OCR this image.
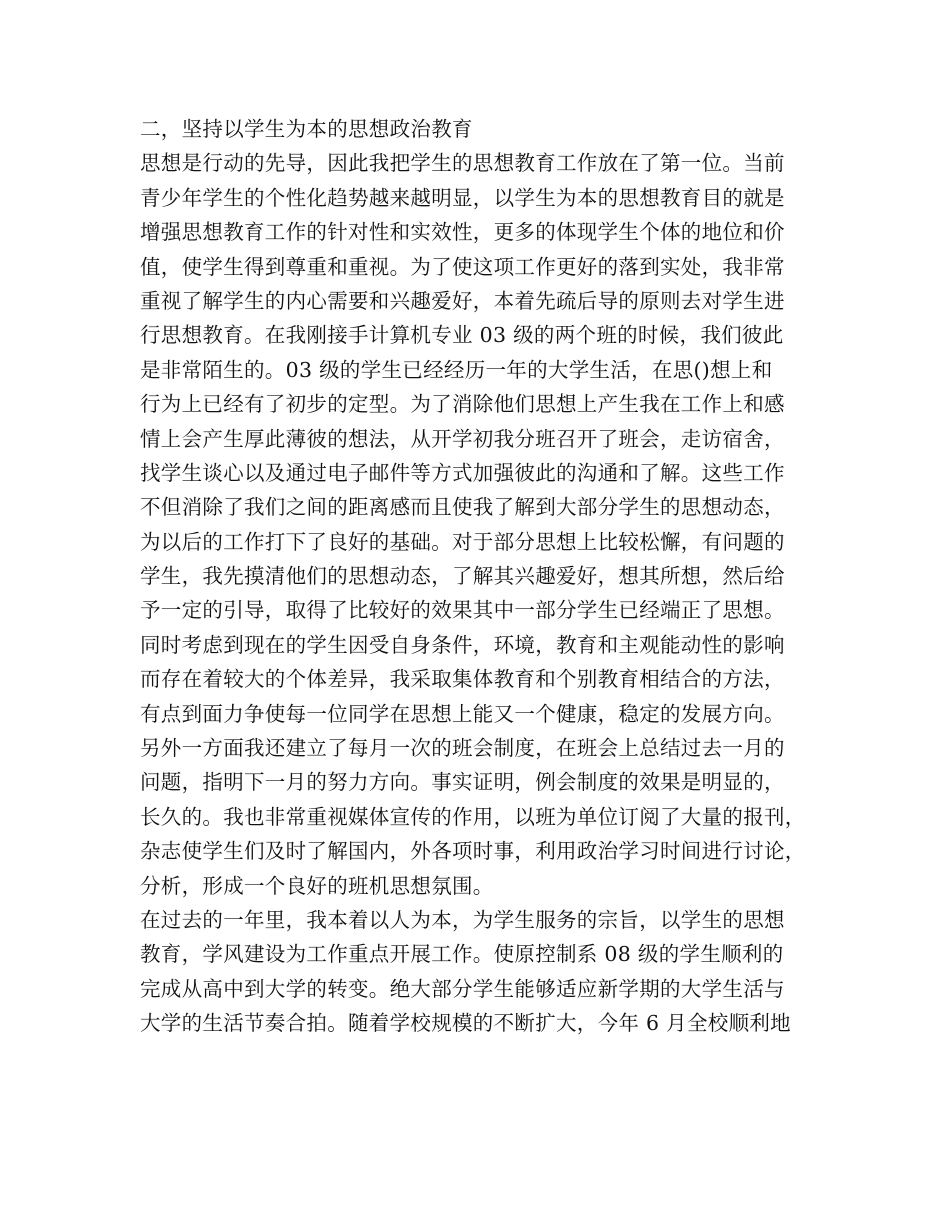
二，坚持以学生为本的思想政治教育
思想是行动的先导，因此我把学生的思想教育工作放在了第一位。当前
青少年学生的个性化趋势越来越明显，以学生为本的思想教育目的就是
增强思想教育工作的针对性和实效性，更多的体现学生个体的地位和价
值，使学生得到尊重和重视。为了使这项工作更好的落到实处，我非常
重视了解学生的内心需要和兴趣爱好，本着先疏后导的原则去对学生进
行思想教育。在我刚接手计算机专业 03 级的两个班的时候，我们彼此
是非常陌生的。03 级的学生已经经历一年的大学生活，在思()想上和
行为上已经有了初步的定型。为了消除他们思想上产生我在工作上和感
情上会产生厚此薄彼的想法，从开学初我分班召开了班会，走访宿舍，
找学生谈心以及通过电子邮件等方式加强彼此的沟通和了解。这些工作
不但消除了我们之间的距离感而且使我了解到大部分学生的思想动态，
为以后的工作打下了良好的基础。对于部分思想上比较松懈，有问题的
学生，我先摸清他们的思想动态，了解其兴趣爱好，想其所想，然后给
予一定的引导，取得了比较好的效果其中一部分学生已经端正了思想。
同时考虑到现在的学生因受自身条件，环境，教育和主观能动性的影响
而存在着较大的个体差异，我采取集体教育和个别教育相结合的方法，
有点到面力争使每一位同学在思想上能又一个健康，稳定的发展方向。
另外一方面我还建立了每月一次的班会制度，在班会上总结过去一月的
问题，指明下一月的努力方向。事实证明，例会制度的效果是明显的，
长久的。我也非常重视媒体宣传的作用，以班为单位订阅了大量的报刊，
杂志使学生们及时了解国内，外各项时事，利用政治学习时间进行讨论，
分析，形成一个良好的班机思想氛围。
在过去的一年里，我本着以人为本，为学生服务的宗旨，以学生的思想
教育，学风建设为工作重点开展工作。使原控制系 08 级的学生顺利的
完成从高中到大学的转变。绝大部分学生能够适应新学期的大学生活与
大学的生活节奏合拍。随着学校规模的不断扩大，今年 6 月全校顺利地
